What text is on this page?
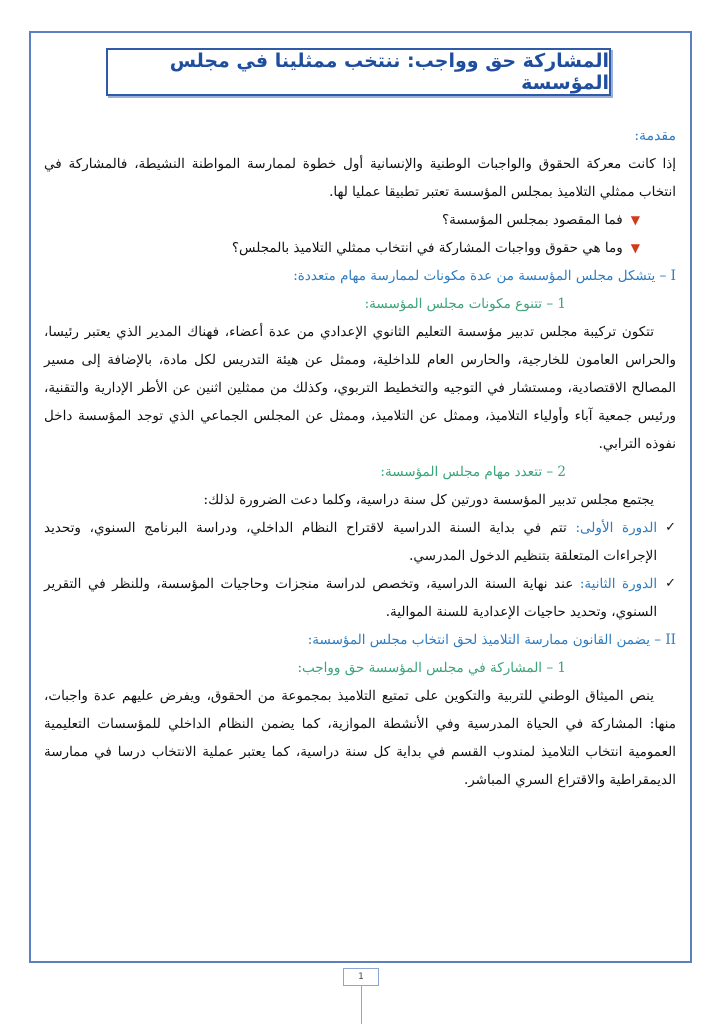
المشاركة حق وواجب: ننتخب ممثلينا في مجلس المؤسسة

مقدمة:

إذا كانت معركة الحقوق والواجبات الوطنية والإنسانية أول خطوة لممارسة المواطنة النشيطة، فالمشاركة في انتخاب ممثلي التلاميذ بمجلس المؤسسة تعتبر تطبيقا عمليا لها.

▼
فما المقصود بمجلس المؤسسة؟

▼
وما هي حقوق وواجبات المشاركة في انتخاب ممثلي التلاميذ بالمجلس؟

I – يتشكل مجلس المؤسسة من عدة مكونات لممارسة مهام متعددة:

1 – تتنوع مكونات مجلس المؤسسة:

تتكون تركيبة مجلس تدبير مؤسسة التعليم الثانوي الإعدادي من عدة أعضاء، فهناك المدير الذي يعتبر رئيسا، والحراس العامون للخارجية، والحارس العام للداخلية، وممثل عن هيئة التدريس لكل مادة، بالإضافة إلى مسير المصالح الاقتصادية، ومستشار في التوجيه والتخطيط التربوي، وكذلك من ممثلين اثنين عن الأطر الإدارية والتقنية، ورئيس جمعية آباء وأولياء التلاميذ، وممثل عن التلاميذ، وممثل عن المجلس الجماعي الذي توجد المؤسسة داخل نفوذه الترابي.

2 – تتعدد مهام مجلس المؤسسة:

يجتمع مجلس تدبير المؤسسة دورتين كل سنة دراسية، وكلما دعت الضرورة لذلك:

✓

الدورة الأولى: تتم في بداية السنة الدراسية لاقتراح النظام الداخلي، ودراسة البرنامج السنوي، وتحديد الإجراءات المتعلقة بتنظيم الدخول المدرسي.

✓

الدورة الثانية: عند نهاية السنة الدراسية، وتخصص لدراسة منجزات وحاجيات المؤسسة، وللنظر في التقرير السنوي، وتحديد حاجيات الإعدادية للسنة الموالية.

II – يضمن القانون ممارسة التلاميذ لحق انتخاب مجلس المؤسسة:

1 – المشاركة في مجلس المؤسسة حق وواجب:

ينص الميثاق الوطني للتربية والتكوين على تمتيع التلاميذ بمجموعة من الحقوق، ويفرض عليهم عدة واجبات، منها: المشاركة في الحياة المدرسية وفي الأنشطة الموازية، كما يضمن النظام الداخلي للمؤسسات التعليمية العمومية انتخاب التلاميذ لمندوب القسم في بداية كل سنة دراسية، كما يعتبر عملية الانتخاب درسا في ممارسة الديمقراطية والاقتراع السري المباشر.

1
